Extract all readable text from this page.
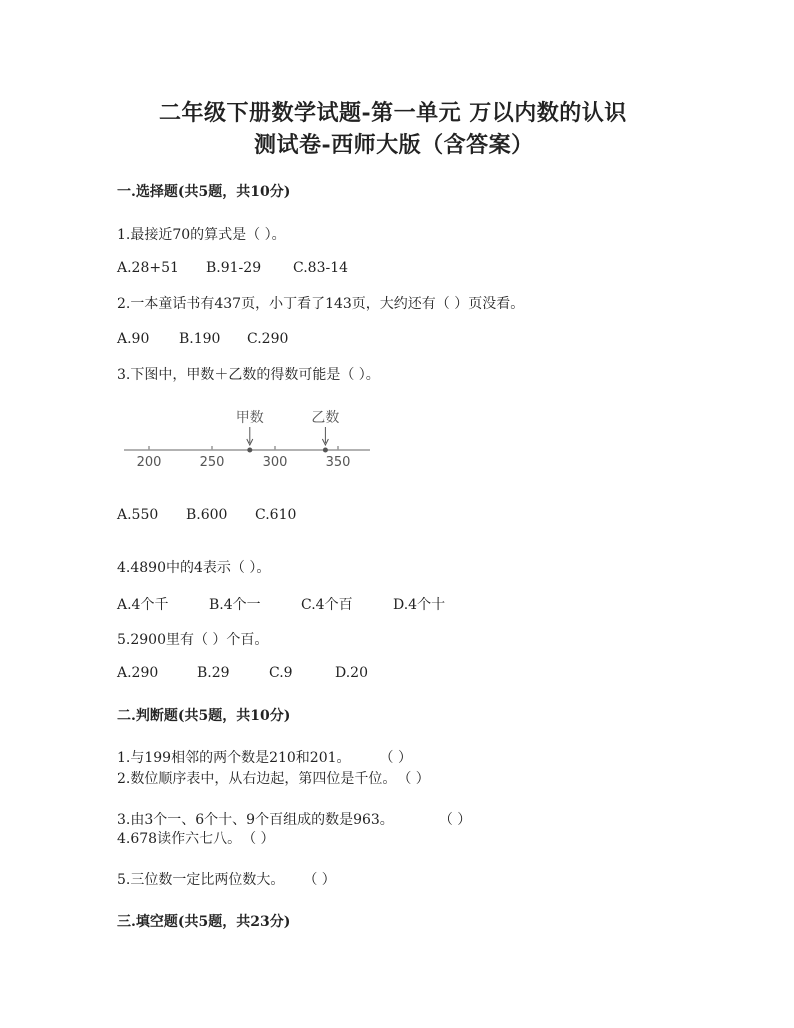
二年级下册数学试题-第一单元 万以内数的认识
测试卷-西师大版（含答案）
一.选择题(共5题，共10分)
1.最接近70的算式是（ ）。
A.28+51 B.91-29 C.83-14
2.一本童话书有437页，小丁看了143页，大约还有（ ）页没看。
A.90 B.190 C.290
3.下图中，甲数＋乙数的得数可能是（ ）。
200	250	300	350
甲数	乙数
A.550 B.600 C.610
4.4890中的4表示（ ）。
A.4个千	B.4个一	C.4个百	D.4个十
5.2900里有（ ）个百。
A.290	B.29	C.9	D.20
二.判断题(共5题，共10分)
1.与199相邻的两个数是210和201。	（ ）
2.数位顺序表中，从右边起，第四位是千位。 （ ）
3.由3个一、6个十、9个百组成的数是963。	（ ）
4.678读作六七八。 （ ）
5.三位数一定比两位数大。 （ ）
三.填空题(共5题，共23分)
